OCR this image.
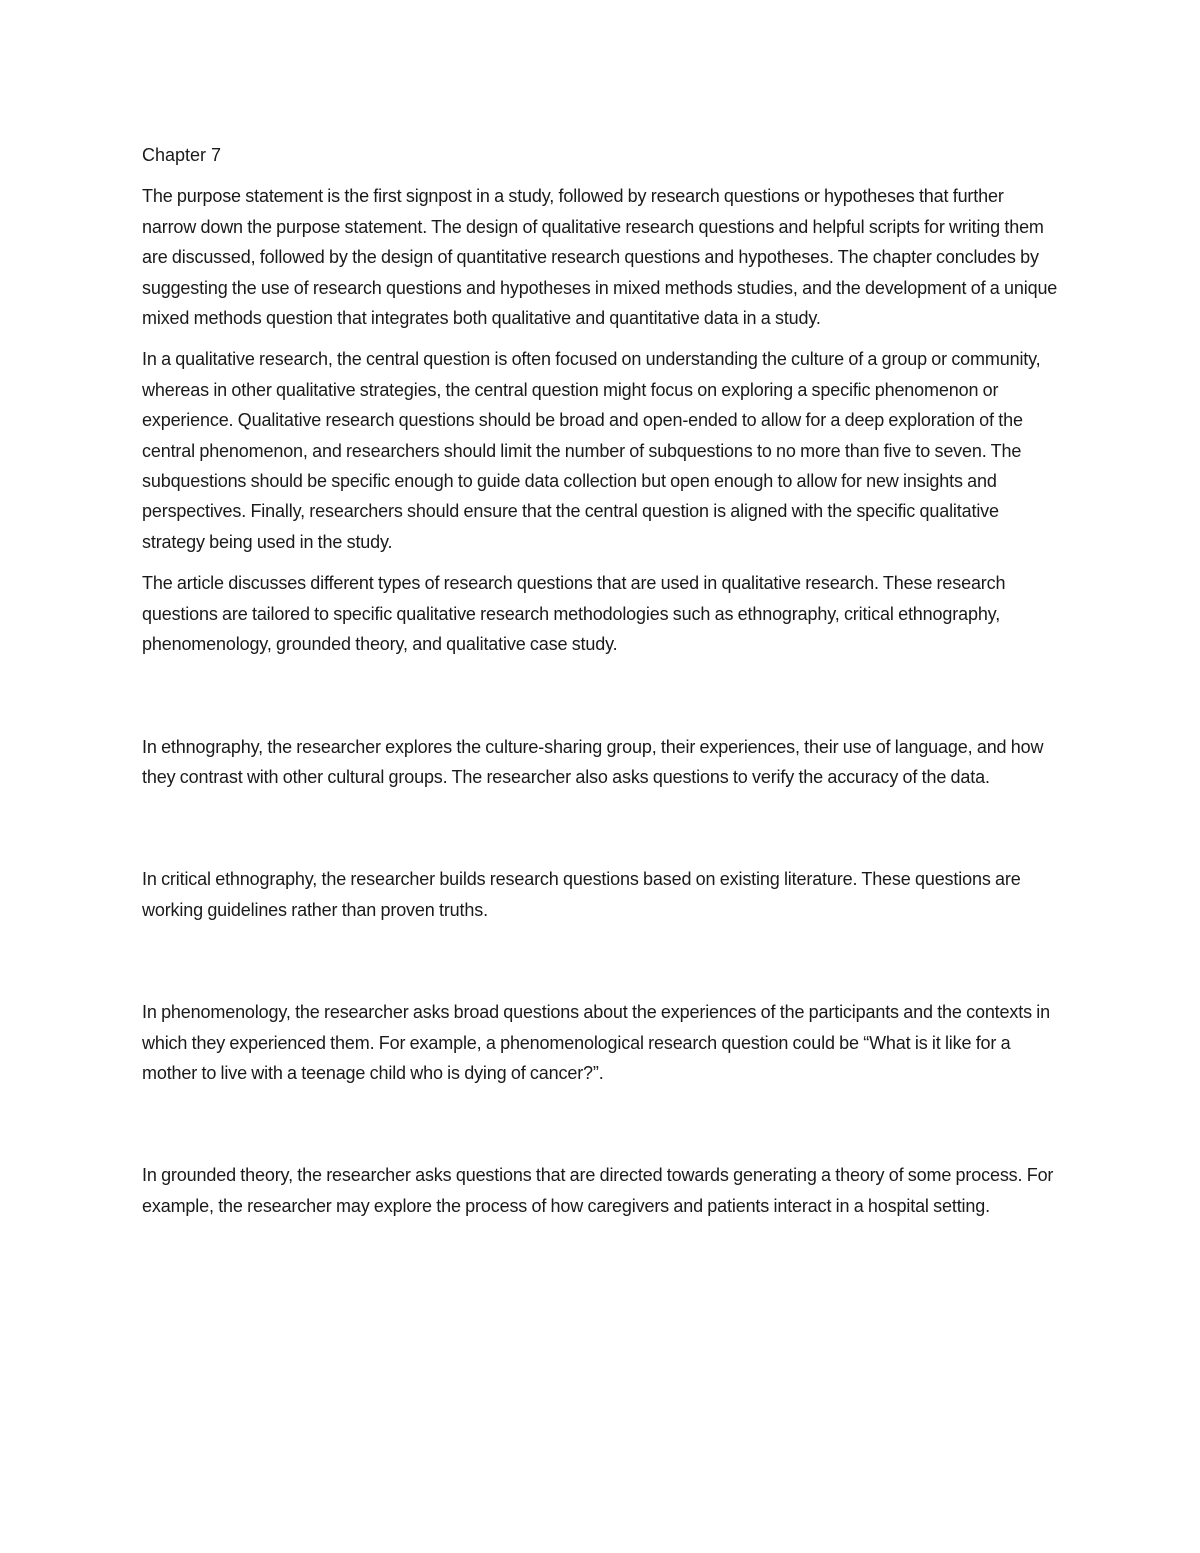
Chapter 7

The purpose statement is the first signpost in a study, followed by research questions or hypotheses that further narrow down the purpose statement. The design of qualitative research questions and helpful scripts for writing them are discussed, followed by the design of quantitative research questions and hypotheses. The chapter concludes by suggesting the use of research questions and hypotheses in mixed methods studies, and the development of a unique mixed methods question that integrates both qualitative and quantitative data in a study.

In a qualitative research, the central question is often focused on understanding the culture of a group or community, whereas in other qualitative strategies, the central question might focus on exploring a specific phenomenon or experience. Qualitative research questions should be broad and open-ended to allow for a deep exploration of the central phenomenon, and researchers should limit the number of subquestions to no more than five to seven. The subquestions should be specific enough to guide data collection but open enough to allow for new insights and perspectives. Finally, researchers should ensure that the central question is aligned with the specific qualitative strategy being used in the study.

The article discusses different types of research questions that are used in qualitative research. These research questions are tailored to specific qualitative research methodologies such as ethnography, critical ethnography, phenomenology, grounded theory, and qualitative case study.

In ethnography, the researcher explores the culture-sharing group, their experiences, their use of language, and how they contrast with other cultural groups. The researcher also asks questions to verify the accuracy of the data.

In critical ethnography, the researcher builds research questions based on existing literature. These questions are working guidelines rather than proven truths.

In phenomenology, the researcher asks broad questions about the experiences of the participants and the contexts in which they experienced them. For example, a phenomenological research question could be “What is it like for a mother to live with a teenage child who is dying of cancer?”.

In grounded theory, the researcher asks questions that are directed towards generating a theory of some process. For example, the researcher may explore the process of how caregivers and patients interact in a hospital setting.
